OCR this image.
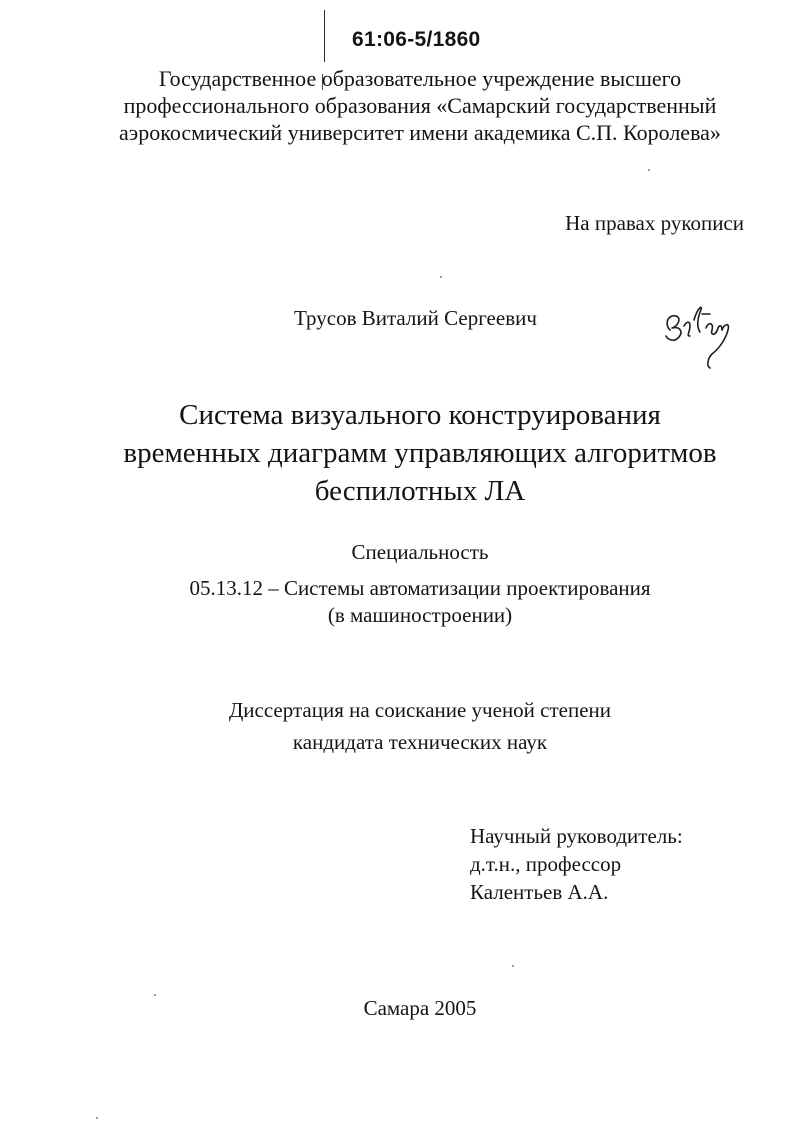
61:06-5/1860
Государственное образовательное учреждение высшего
профессионального образования «Самарский государственный
аэрокосмический университет имени академика С.П. Королева»
На правах рукописи
Трусов Виталий Сергеевич
Система визуального конструирования
временных диаграмм управляющих алгоритмов
беспилотных ЛА
Специальность
05.13.12 – Системы автоматизации проектирования
(в машиностроении)
Диссертация на соискание ученой степени
кандидата технических наук
Научный руководитель:
д.т.н., профессор
Калентьев А.А.
Самара 2005
